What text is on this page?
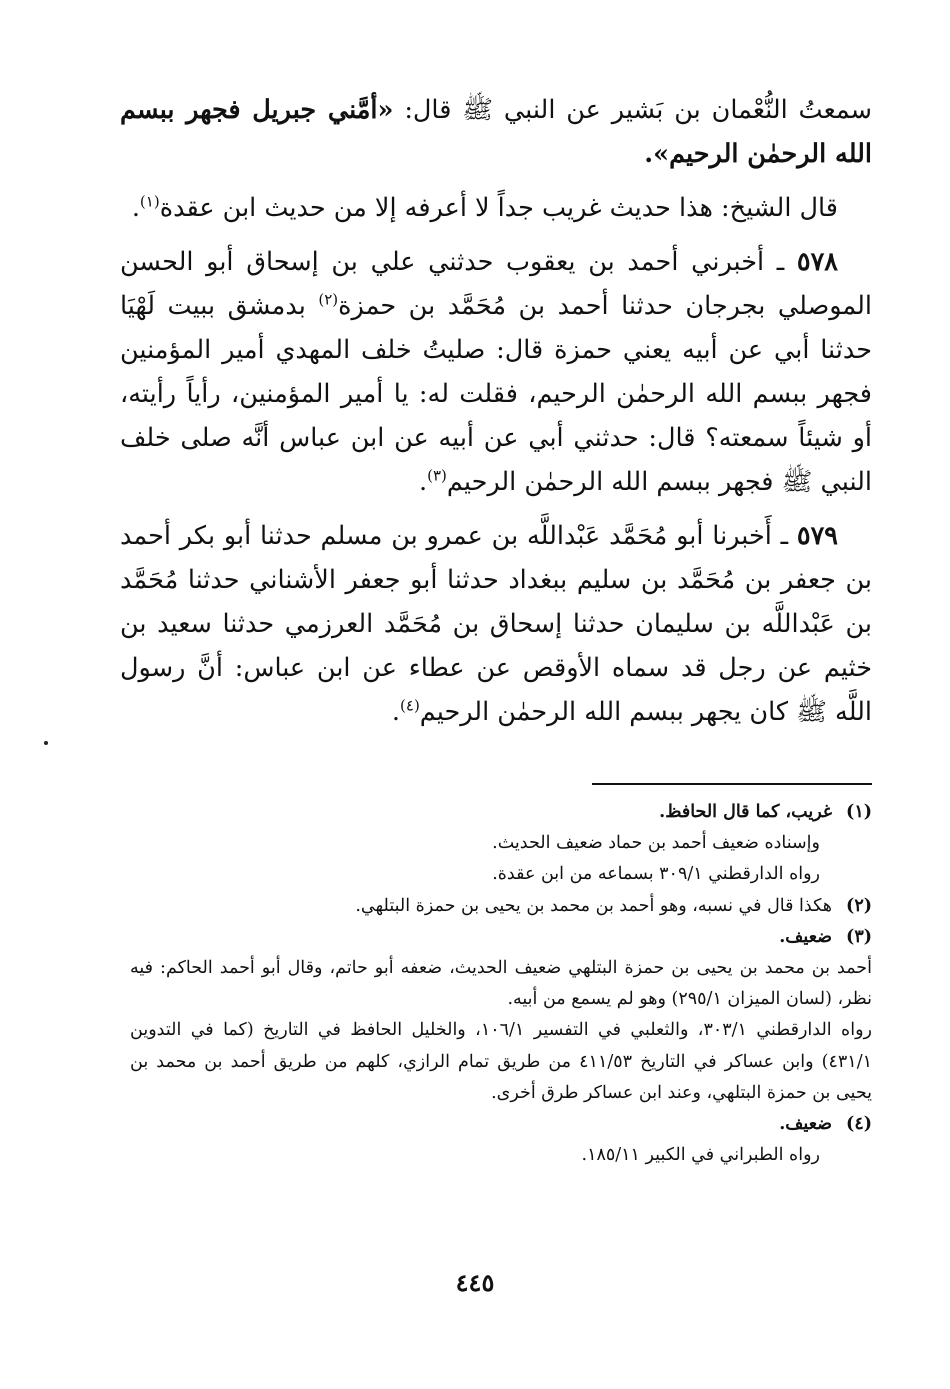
سمعتُ النُّعْمان بن بَشير عن النبي ﷺ قال: «أمَّني جبريل فجهر ببسم الله الرحمٰن الرحيم».

قال الشيخ: هذا حديث غريب جداً لا أعرفه إلا من حديث ابن عقدة$^{(١)}$.

٥٧٨ ـ أخبرني أحمد بن يعقوب حدثني علي بن إسحاق أبو الحسن الموصلي بجرجان حدثنا أحمد بن مُحَمَّد بن حمزة$^{(٢)}$ بدمشق ببيت لَهْيَا حدثنا أبي عن أبيه يعني حمزة قال: صليتُ خلف المهدي أمير المؤمنين فجهر ببسم الله الرحمٰن الرحيم، فقلت له: يا أمير المؤمنين، رأياً رأيته، أو شيئاً سمعته؟ قال: حدثني أبي عن أبيه عن ابن عباس أنَّه صلى خلف النبي ﷺ فجهر ببسم الله الرحمٰن الرحيم$^{(٣)}$.

٥٧٩ ـ أَخبرنا أبو مُحَمَّد عَبْداللَّه بن عمرو بن مسلم حدثنا أبو بكر أحمد بن جعفر بن مُحَمَّد بن سليم ببغداد حدثنا أبو جعفر الأشناني حدثنا مُحَمَّد بن عَبْداللَّه بن سليمان حدثنا إسحاق بن مُحَمَّد العرزمي حدثنا سعيد بن خثيم عن رجل قد سماه الأوقص عن عطاء عن ابن عباس: أنَّ رسول اللَّه ﷺ كان يجهر ببسم الله الرحمٰن الرحيم$^{(٤)}$.

(١)
غريب، كما قال الحافظ.
وإسناده ضعيف أحمد بن حماد ضعيف الحديث.
رواه الدارقطني ٣٠٩/١ بسماعه من ابن عقدة.
(٢)
هكذا قال في نسبه، وهو أحمد بن محمد بن يحيى بن حمزة البتلهي.
(٣)
ضعيف.
أحمد بن محمد بن يحيى بن حمزة البتلهي ضعيف الحديث، ضعفه أبو حاتم، وقال أبو أحمد الحاكم: فيه نظر، (لسان الميزان ٢٩٥/١) وهو لم يسمع من أبيه.
رواه الدارقطني ٣٠٣/١، والثعلبي في التفسير ١٠٦/١، والخليل الحافظ في التاريخ (كما في التدوين ٤٣١/١) وابن عساكر في التاريخ ٤١١/٥٣ من طريق تمام الرازي، كلهم من طريق أحمد بن محمد بن يحيى بن حمزة البتلهي، وعند ابن عساكر طرق أخرى.
(٤)
ضعيف.
رواه الطبراني في الكبير ١٨٥/١١.
٤٤٥
